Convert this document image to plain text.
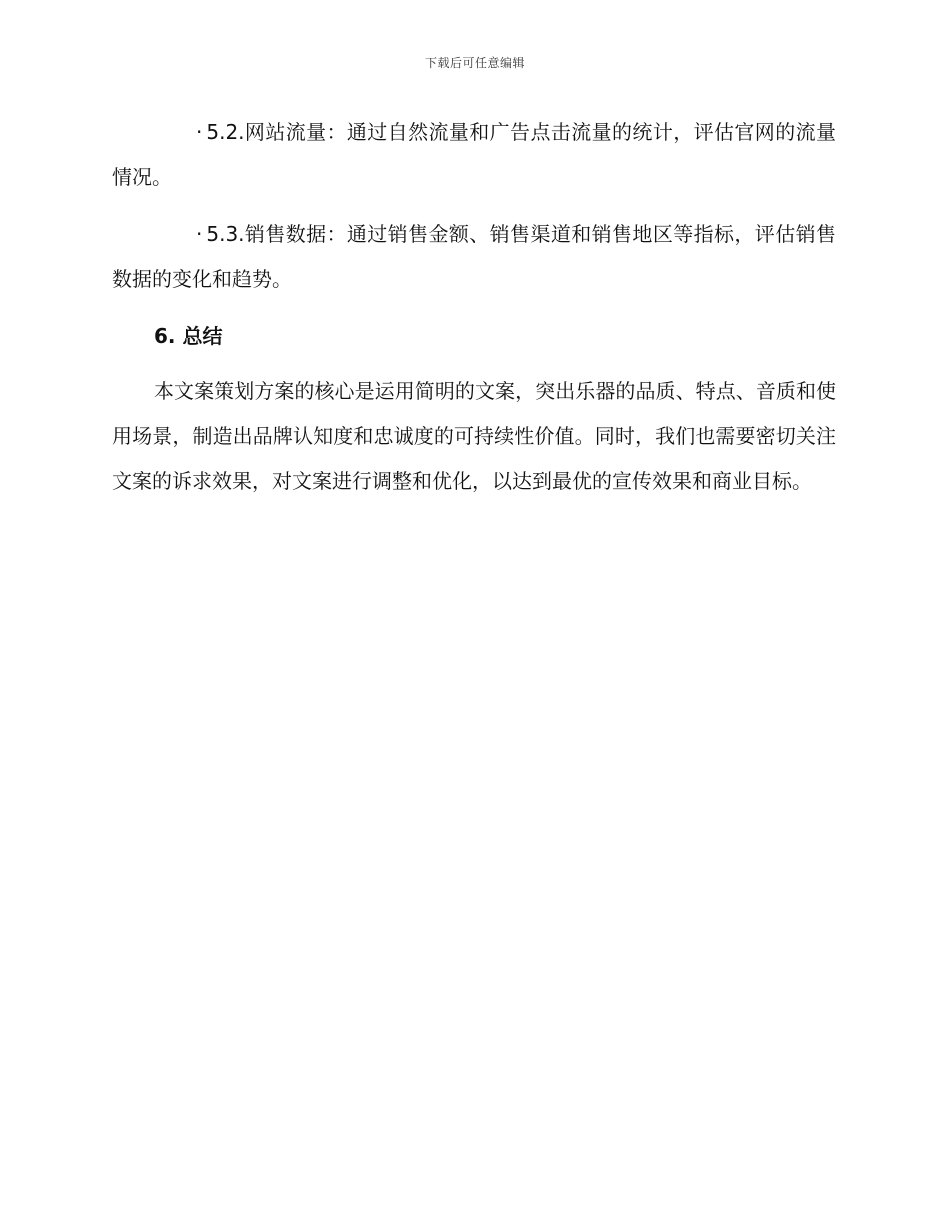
下载后可任意编辑

· 5.2.网站流量：通过自然流量和广告点击流量的统计，评估官网的流量情况。

· 5.3.销售数据：通过销售金额、销售渠道和销售地区等指标，评估销售数据的变化和趋势。

6. 总结

本文案策划方案的核心是运用简明的文案，突出乐器的品质、特点、音质和使用场景，制造出品牌认知度和忠诚度的可持续性价值。同时，我们也需要密切关注文案的诉求效果，对文案进行调整和优化，以达到最优的宣传效果和商业目标。
